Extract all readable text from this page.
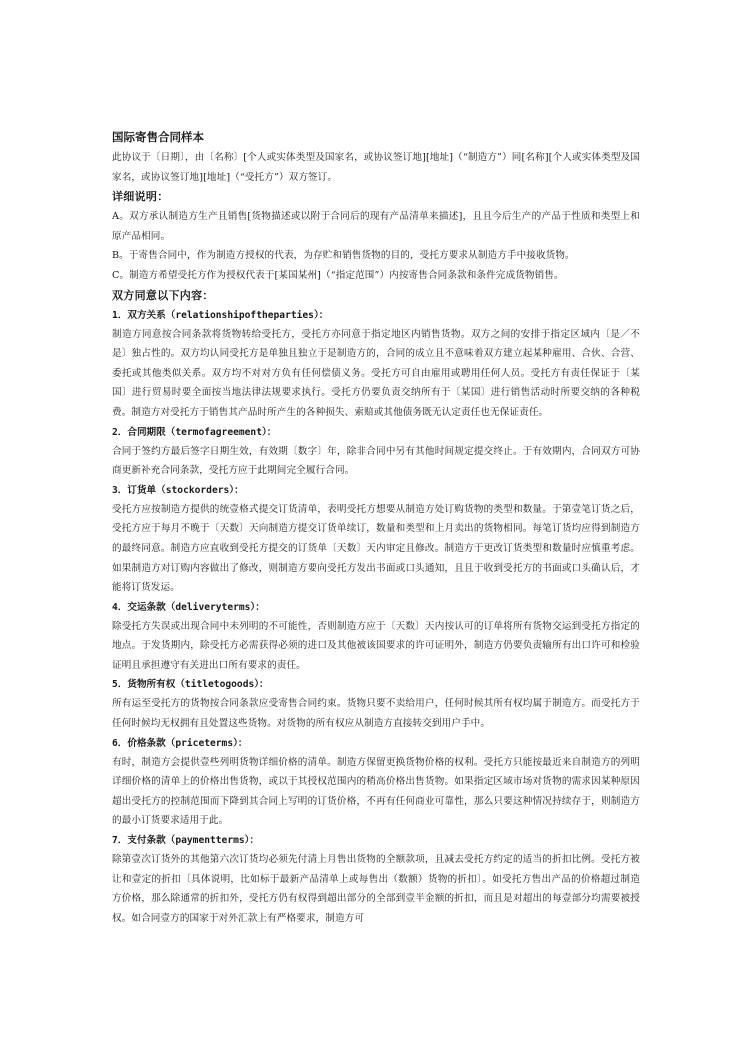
国际寄售合同样本

此协议于〔日期〕，由〔名称〕[个人或实体类型及国家名，或协议签订地][地址]（“制造方”）同[名称][个人或实体类型及国家名，或协议签订地][地址]（“受托方”）双方签订。

详细说明：

A。双方承认制造方生产且销售[货物描述或以附于合同后的现有产品清单来描述]，且且今后生产的产品于性质和类型上和原产品相同。

B。于寄售合同中，作为制造方授权的代表，为存贮和销售货物的目的，受托方要求从制造方手中接收货物。

C。制造方希望受托方作为授权代表于[某国某州]（“指定范围”）内按寄售合同条款和条件完成货物销售。

双方同意以下内容：
1．双方关系（relationshipoftheparties）：

制造方同意按合同条款将货物转给受托方，受托方亦同意于指定地区内销售货物。双方之间的安排于指定区域内〔是／不是〕独占性的。双方均认同受托方是单独且独立于是制造方的，合同的成立且不意味着双方建立起某种雇用、合伙、合营、委托或其他类似关系。双方均不对对方负有任何偿债义务。受托方可自由雇用或聘用任何人员。受托方有责任保证于〔某国〕进行贸易时要全面按当地法律法规要求执行。受托方仍要负责交纳所有于〔某国〕进行销售活动时所要交纳的各种税费。制造方对受托方于销售其产品时所产生的各种损失、索赔或其他债务既无认定责任也无保证责任。

2．合同期限（termofagreement）：

合同于签约方最后签字日期生效，有效期〔数字〕年，除非合同中另有其他时间规定提交终止。于有效期内，合同双方可协商更新补充合同条款，受托方应于此期间完全履行合同。

3．订货单（stockorders）：

受托方应按制造方提供的统壹格式提交订货清单，表明受托方想要从制造方处订购货物的类型和数量。于第壹笔订货之后，受托方应于每月不晚于〔天数〕天向制造方提交订货单续订，数量和类型和上月卖出的货物相同。每笔订货均应得到制造方的最终同意。制造方应直收到受托方提交的订货单〔天数〕天内审定且修改。制造方于更改订货类型和数量时应慎重考虑。如果制造方对订购内容做出了修改，则制造方要向受托方发出书面或口头通知，且且于收到受托方的书面或口头确认后，才能将订货发运。

4．交运条款（deliveryterms）：

除受托方失误或出现合同中未列明的不可能性，否则制造方应于〔天数〕天内按认可的订单将所有货物交运到受托方指定的地点。于发货期内，除受托方必需获得必须的进口及其他被该国要求的许可证明外，制造方仍要负责输所有出口许可和检验证明且承担遵守有关进出口所有要求的责任。

5．货物所有权（titletogoods）：

所有运至受托方的货物按合同条款应受寄售合同约束。货物只要不卖给用户，任何时候其所有权均属于制造方。而受托方于任何时候均无权拥有且处置这些货物。对货物的所有权应从制造方直接转交到用户手中。

6．价格条款（priceterms）：

有时，制造方会提供壹些列明货物详细价格的清单。制造方保留更换货物价格的权利。受托方只能按最近来自制造方的列明详细价格的清单上的价格出售货物，或以于其授权范围内的稍高价格出售货物。如果指定区域市场对货物的需求因某种原因超出受托方的控制范围而下降到其合同上写明的订货价格，不再有任何商业可靠性，那么只要这种情况持续存于，则制造方的最小订货要求适用于此。

7．支付条款（paymentterms）：

除第壹次订货外的其他第六次订货均必须先付清上月售出货物的全额款项，且减去受托方约定的适当的折扣比例。受托方被让和壹定的折扣〔具体说明，比如标于最新产品清单上或每售出（数额）货物的折扣〕。如受托方售出产品的价格超过制造方价格，那么除通常的折扣外，受托方仍有权得到超出部分的全部到壹半金额的折扣，而且是对超出的每壹部分均需要被授权。如合同壹方的国家于对外汇款上有严格要求，制造方可
